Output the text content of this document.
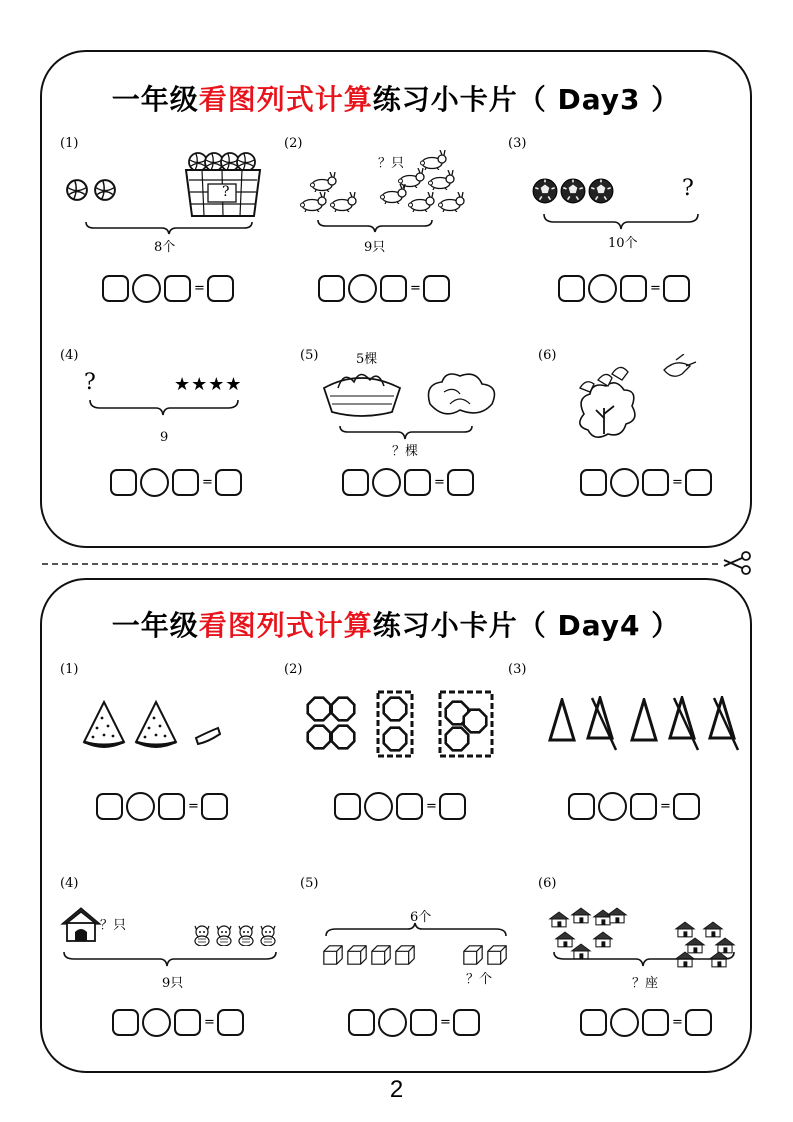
一年级看图列式计算练习小卡片（ Day3 ）
(1)
?
8个
=
(2)
？只
9只
=
(3)
?
10个
=
(4)
?	★★★★
9
=
(5)	5棵
？棵
=
(6)
=
一年级看图列式计算练习小卡片（ Day4 ）
(1)
=
(2)
=
(3)
=
(4)
？只
9只
=
(5)
6个
？个
=
(6)
？座
=
2
